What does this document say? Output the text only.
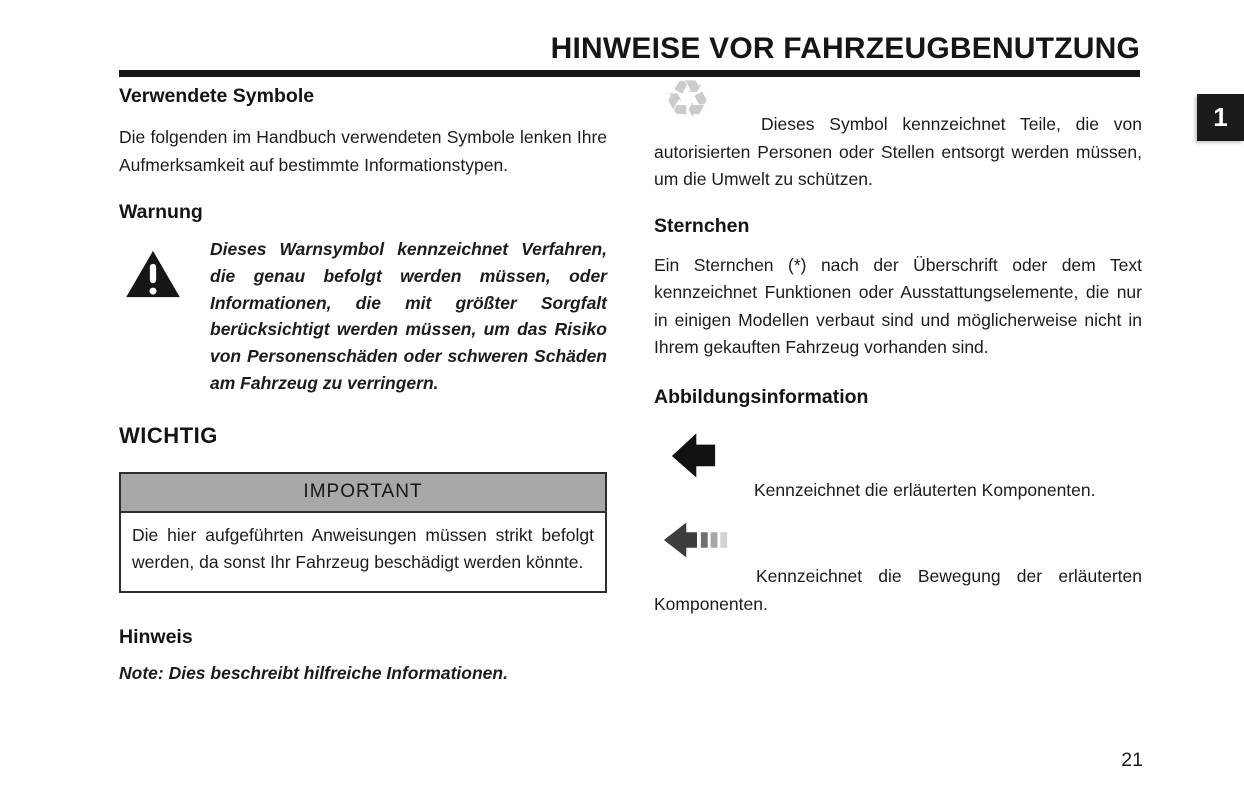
HINWEISE VOR FAHRZEUGBENUTZUNG
1
Verwendete Symbole

Die folgenden im Handbuch verwendeten Symbole lenken Ihre Aufmerksamkeit auf bestimmte Informationstypen.

Warnung

Dieses Warnsymbol kennzeichnet Verfahren, die genau befolgt werden müssen, oder Informationen, die mit größter Sorgfalt berücksichtigt werden müssen, um das Risiko von Personenschäden oder schweren Schäden am Fahrzeug zu verringern.

WICHTIG
IMPORTANT

Die hier aufgeführten Anweisungen müssen strikt befolgt werden, da sonst Ihr Fahrzeug beschädigt werden könnte.

Hinweis

Note: Dies beschreibt hilfreiche Informationen.

♻	Dieses Symbol kennzeichnet Teile, die von autorisierten Personen oder Stellen entsorgt werden müssen, um die Umwelt zu schützen.

Sternchen

Ein Sternchen (*) nach der Überschrift oder dem Text kennzeichnet Funktionen oder Ausstattungselemente, die nur in einigen Modellen verbaut sind und möglicherweise nicht in Ihrem gekauften Fahrzeug vorhanden sind.

Abbildungsinformation

Kennzeichnet die erläuterten Komponenten.

Kennzeichnet die Bewegung der erläuterten Komponenten.

21
